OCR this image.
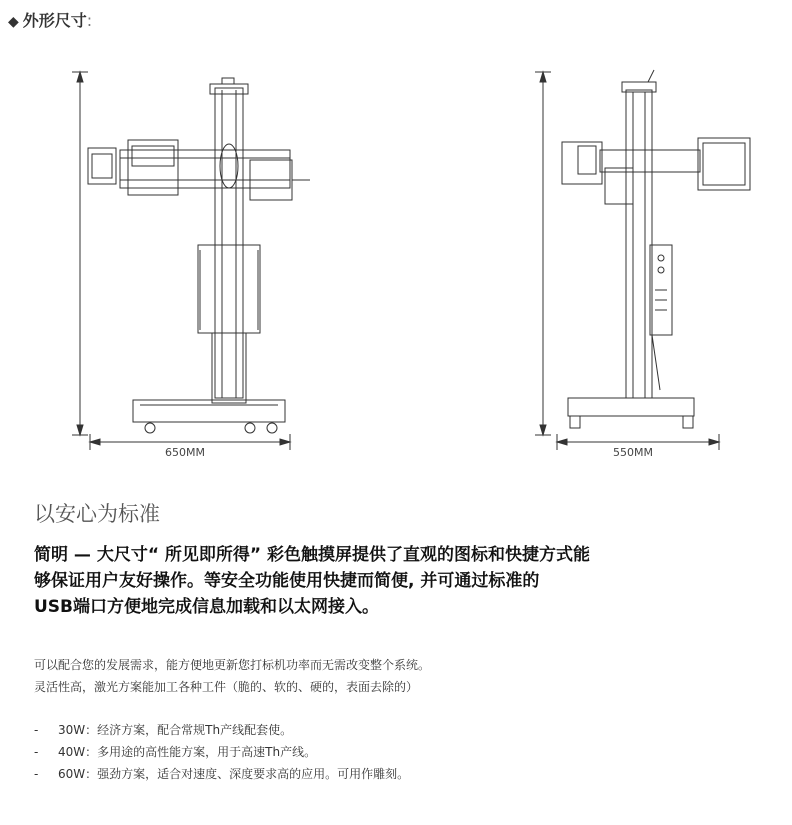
◆ 外形尺寸:
650MM	550MM
以安心为标准
简明 — 大尺寸“ 所见即所得” 彩色触摸屏提供了直观的图标和快捷方式能
够保证用户友好操作。等安全功能使用快捷而简便, 并可通过标准的
USB端口方便地完成信息加载和以太网接入。
可以配合您的发展需求，能方便地更新您打标机功率而无需改变整个系统。
灵活性高，激光方案能加工各种工件（脆的、软的、硬的，表面去除的）
- 30W：经济方案，配合常规Th产线配套使。
- 40W：多用途的高性能方案，用于高速Th产线。
- 60W：强劲方案，适合对速度、深度要求高的应用。可用作雕刻。
